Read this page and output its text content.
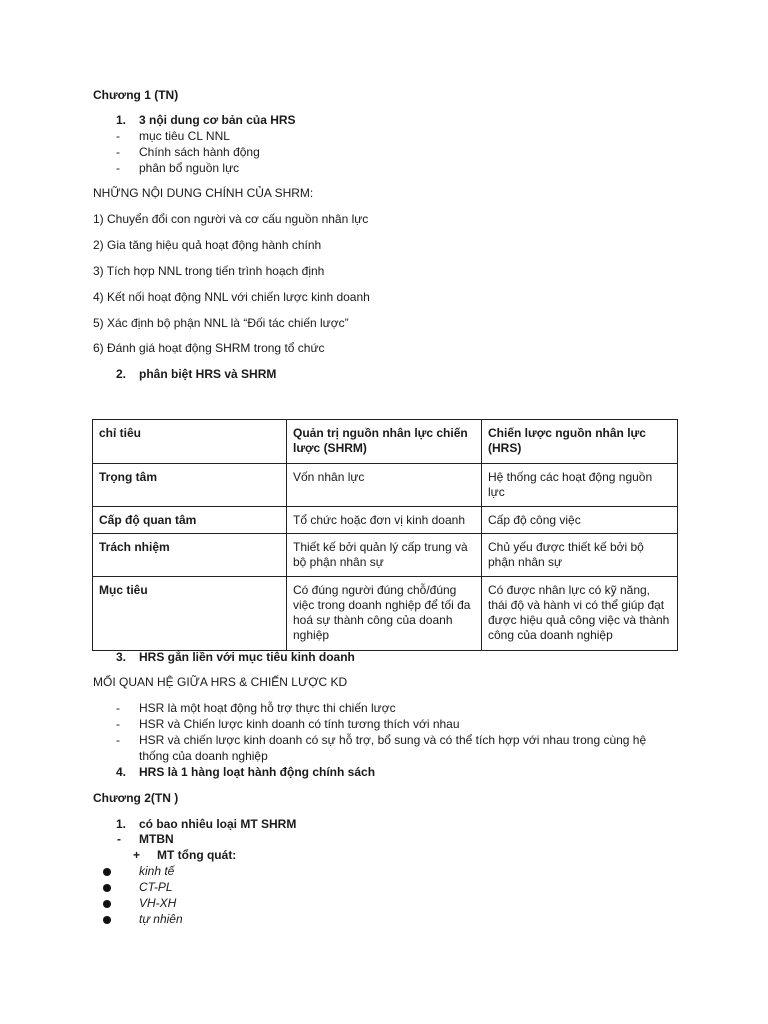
Chương 1 (TN)
1. 3 nội dung cơ bản của HRS
- mục tiêu CL NNL
- Chính sách hành động
- phân bổ nguồn lực
NHỮNG NỘI DUNG CHÍNH CỦA SHRM:
1) Chuyển đổi con người và cơ cấu nguồn nhân lực
2) Gia tăng hiệu quả hoạt động hành chính
3) Tích hợp NNL trong tiến trình hoạch định
4) Kết nối hoạt động NNL với chiến lược kinh doanh
5) Xác định bộ phận NNL là “Đối tác chiến lược”
6) Đánh giá hoạt động SHRM trong tổ chức
2. phân biệt HRS và SHRM
chỉ tiêu	Quản trị nguồn nhân lực chiến lược (SHRM)	Chiến lược nguồn nhân lực (HRS)
Trọng tâm	Vốn nhân lực	Hệ thống các hoạt động nguồn lực
Cấp độ quan tâm	Tổ chức hoặc đơn vị kinh doanh	Cấp độ công việc
Trách nhiệm	Thiết kế bởi quản lý cấp trung và bộ phận nhân sự	Chủ yếu được thiết kế bởi bộ phận nhân sự
Mục tiêu	Có đúng người đúng chỗ/đúng việc trong doanh nghiệp để tối đa hoá sự thành công của doanh nghiệp	Có được nhân lực có kỹ năng, thái độ và hành vi có thể giúp đạt được hiệu quả công việc và thành công của doanh nghiệp
3. HRS gắn liền với mục tiêu kinh doanh
MỐI QUAN HỆ GIỮA HRS & CHIẾN LƯỢC KD
- HSR là một hoạt động hỗ trợ thực thi chiến lược
- HSR và Chiến lược kinh doanh có tính tương thích với nhau
- HSR và chiến lược kinh doanh có sự hỗ trợ, bổ sung và có thể tích hợp với nhau trong cùng hệ
thống của doanh nghiệp
4. HRS là 1 hàng loạt hành động chính sách
Chương 2(TN )
1. có bao nhiêu loại MT SHRM
- MTBN
+ MT tổng quát:
kinh tế
CT-PL
VH-XH
tự nhiên
